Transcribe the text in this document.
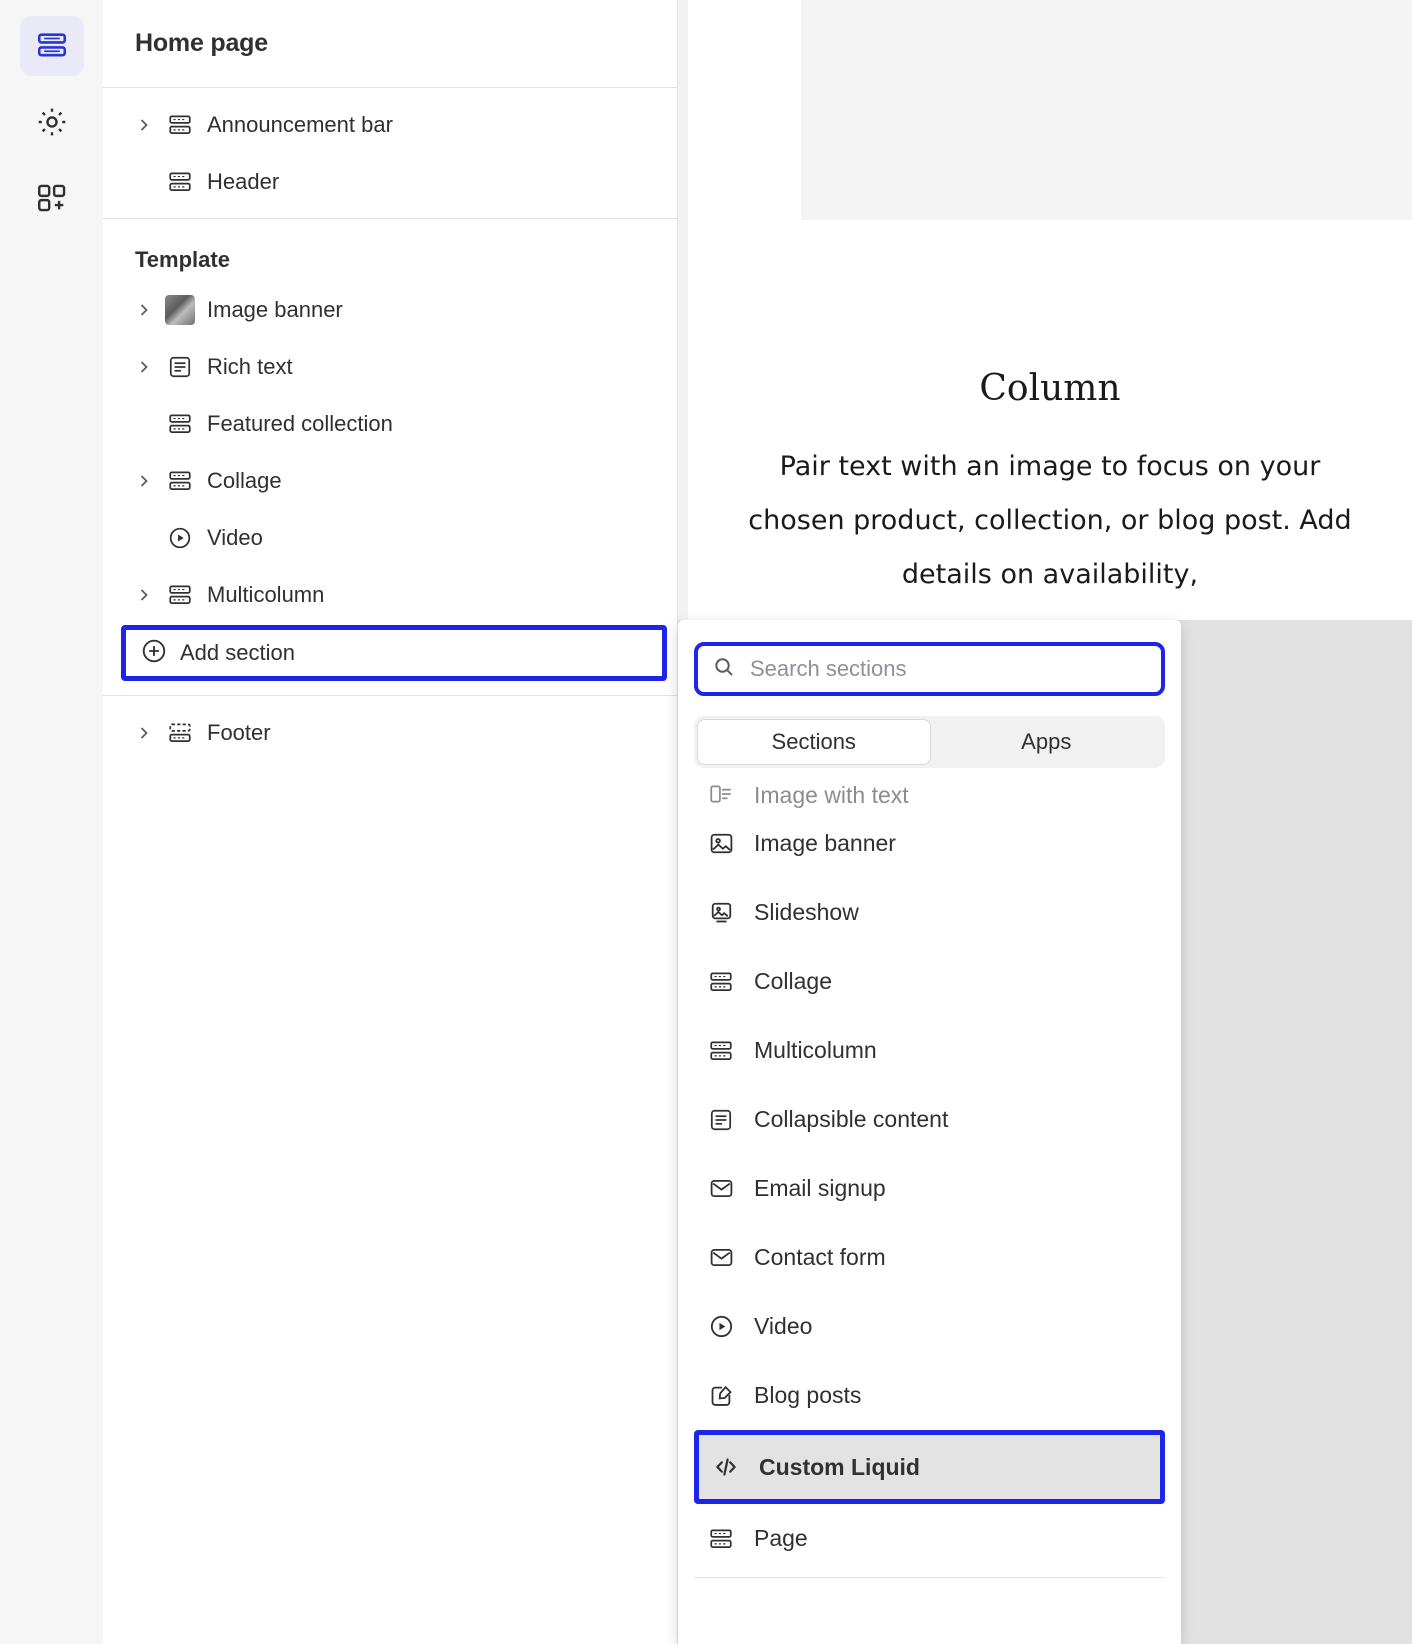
Home page
Announcement bar
Header
Template
Image banner
Rich text
Featured collection
Collage
Video
Multicolumn
Add section
Footer
Column
Pair text with an image to focus on your chosen product, collection, or blog post. Add details on availability,
Search sections
Sections	Apps
Image with text
Image banner
Slideshow
Collage
Multicolumn
Collapsible content
Email signup
Contact form
Video
Blog posts
Custom Liquid
Page
